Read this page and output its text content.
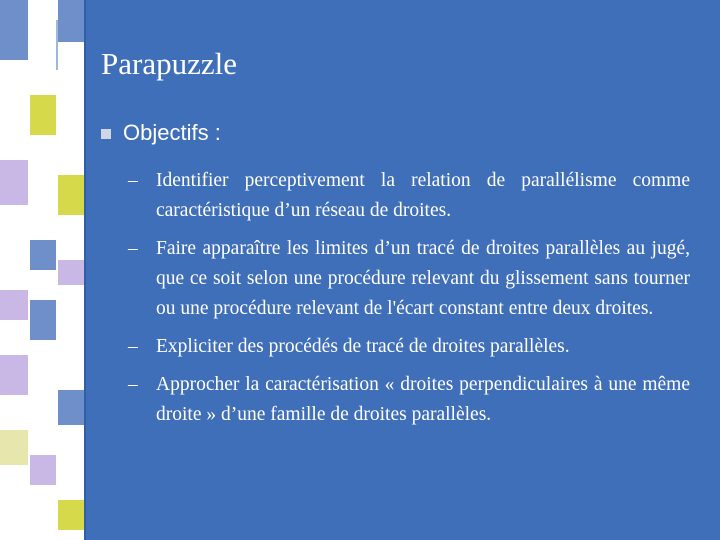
Parapuzzle
Objectifs :
– Identifier perceptivement la relation de parallélisme comme caractéristique d’un réseau de droites.
– Faire apparaître les limites d’un tracé de droites parallèles au jugé, que ce soit selon une procédure relevant du glissement sans tourner ou une procédure relevant de l'écart constant entre deux droites.
– Expliciter des procédés de tracé de droites parallèles.
– Approcher la caractérisation « droites perpendiculaires à une même droite » d’une famille de droites parallèles.
